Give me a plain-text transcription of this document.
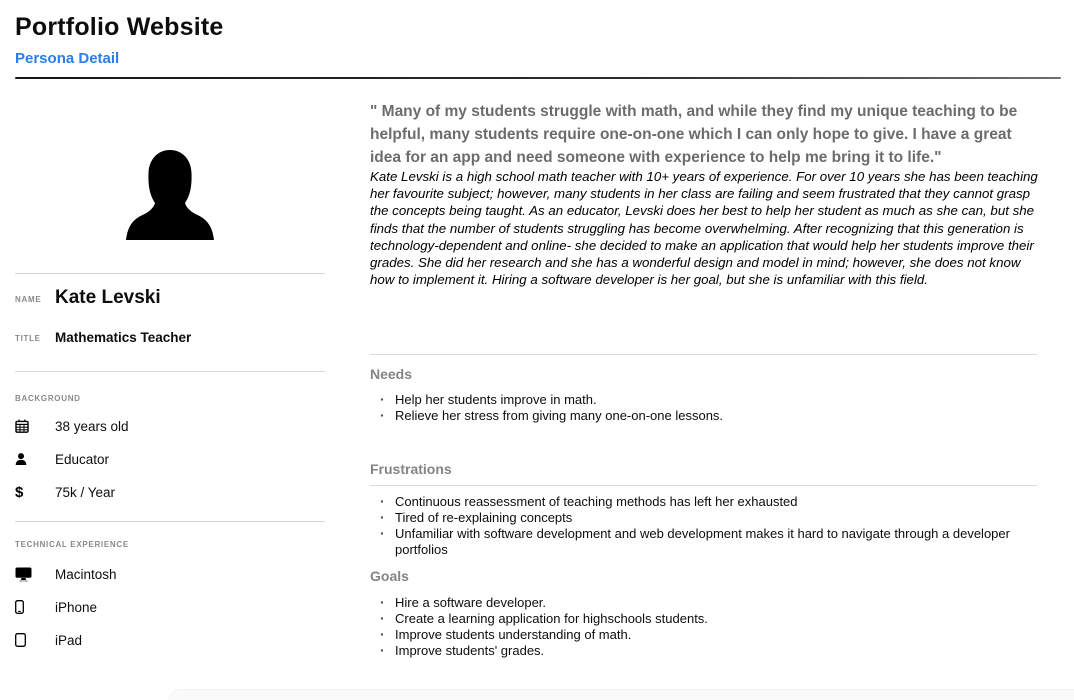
Portfolio Website
Persona Detail
NAME Kate Levski
TITLE Mathematics Teacher
BACKGROUND
38 years old
Educator
$ 75k / Year
TECHNICAL EXPERIENCE
Macintosh
iPhone
iPad
" Many of my students struggle with math, and while they find my unique teaching to be helpful, many students require one-on-one which I can only hope to give. I have a great idea for an app and need someone with experience to help me bring it to life."
Kate Levski is a high school math teacher with 10+ years of experience. For over 10 years she has been teaching her favourite subject; however, many students in her class are failing and seem frustrated that they cannot grasp the concepts being taught. As an educator, Levski does her best to help her student as much as she can, but she finds that the number of students struggling has become overwhelming. After recognizing that this generation is technology-dependent and online- she decided to make an application that would help her students improve their grades. She did her research and she has a wonderful design and model in mind; however, she does not know how to implement it. Hiring a software developer is her goal, but she is unfamiliar with this field.
Needs
· Help her students improve in math.
· Relieve her stress from giving many one-on-one lessons.
Frustrations
· Continuous reassessment of teaching methods has left her exhausted
· Tired of re-explaining concepts
· Unfamiliar with software development and web development makes it hard to navigate through a developer portfolios
Goals
· Hire a software developer.
· Create a learning application for highschools students.
· Improve students understanding of math.
· Improve students' grades.
